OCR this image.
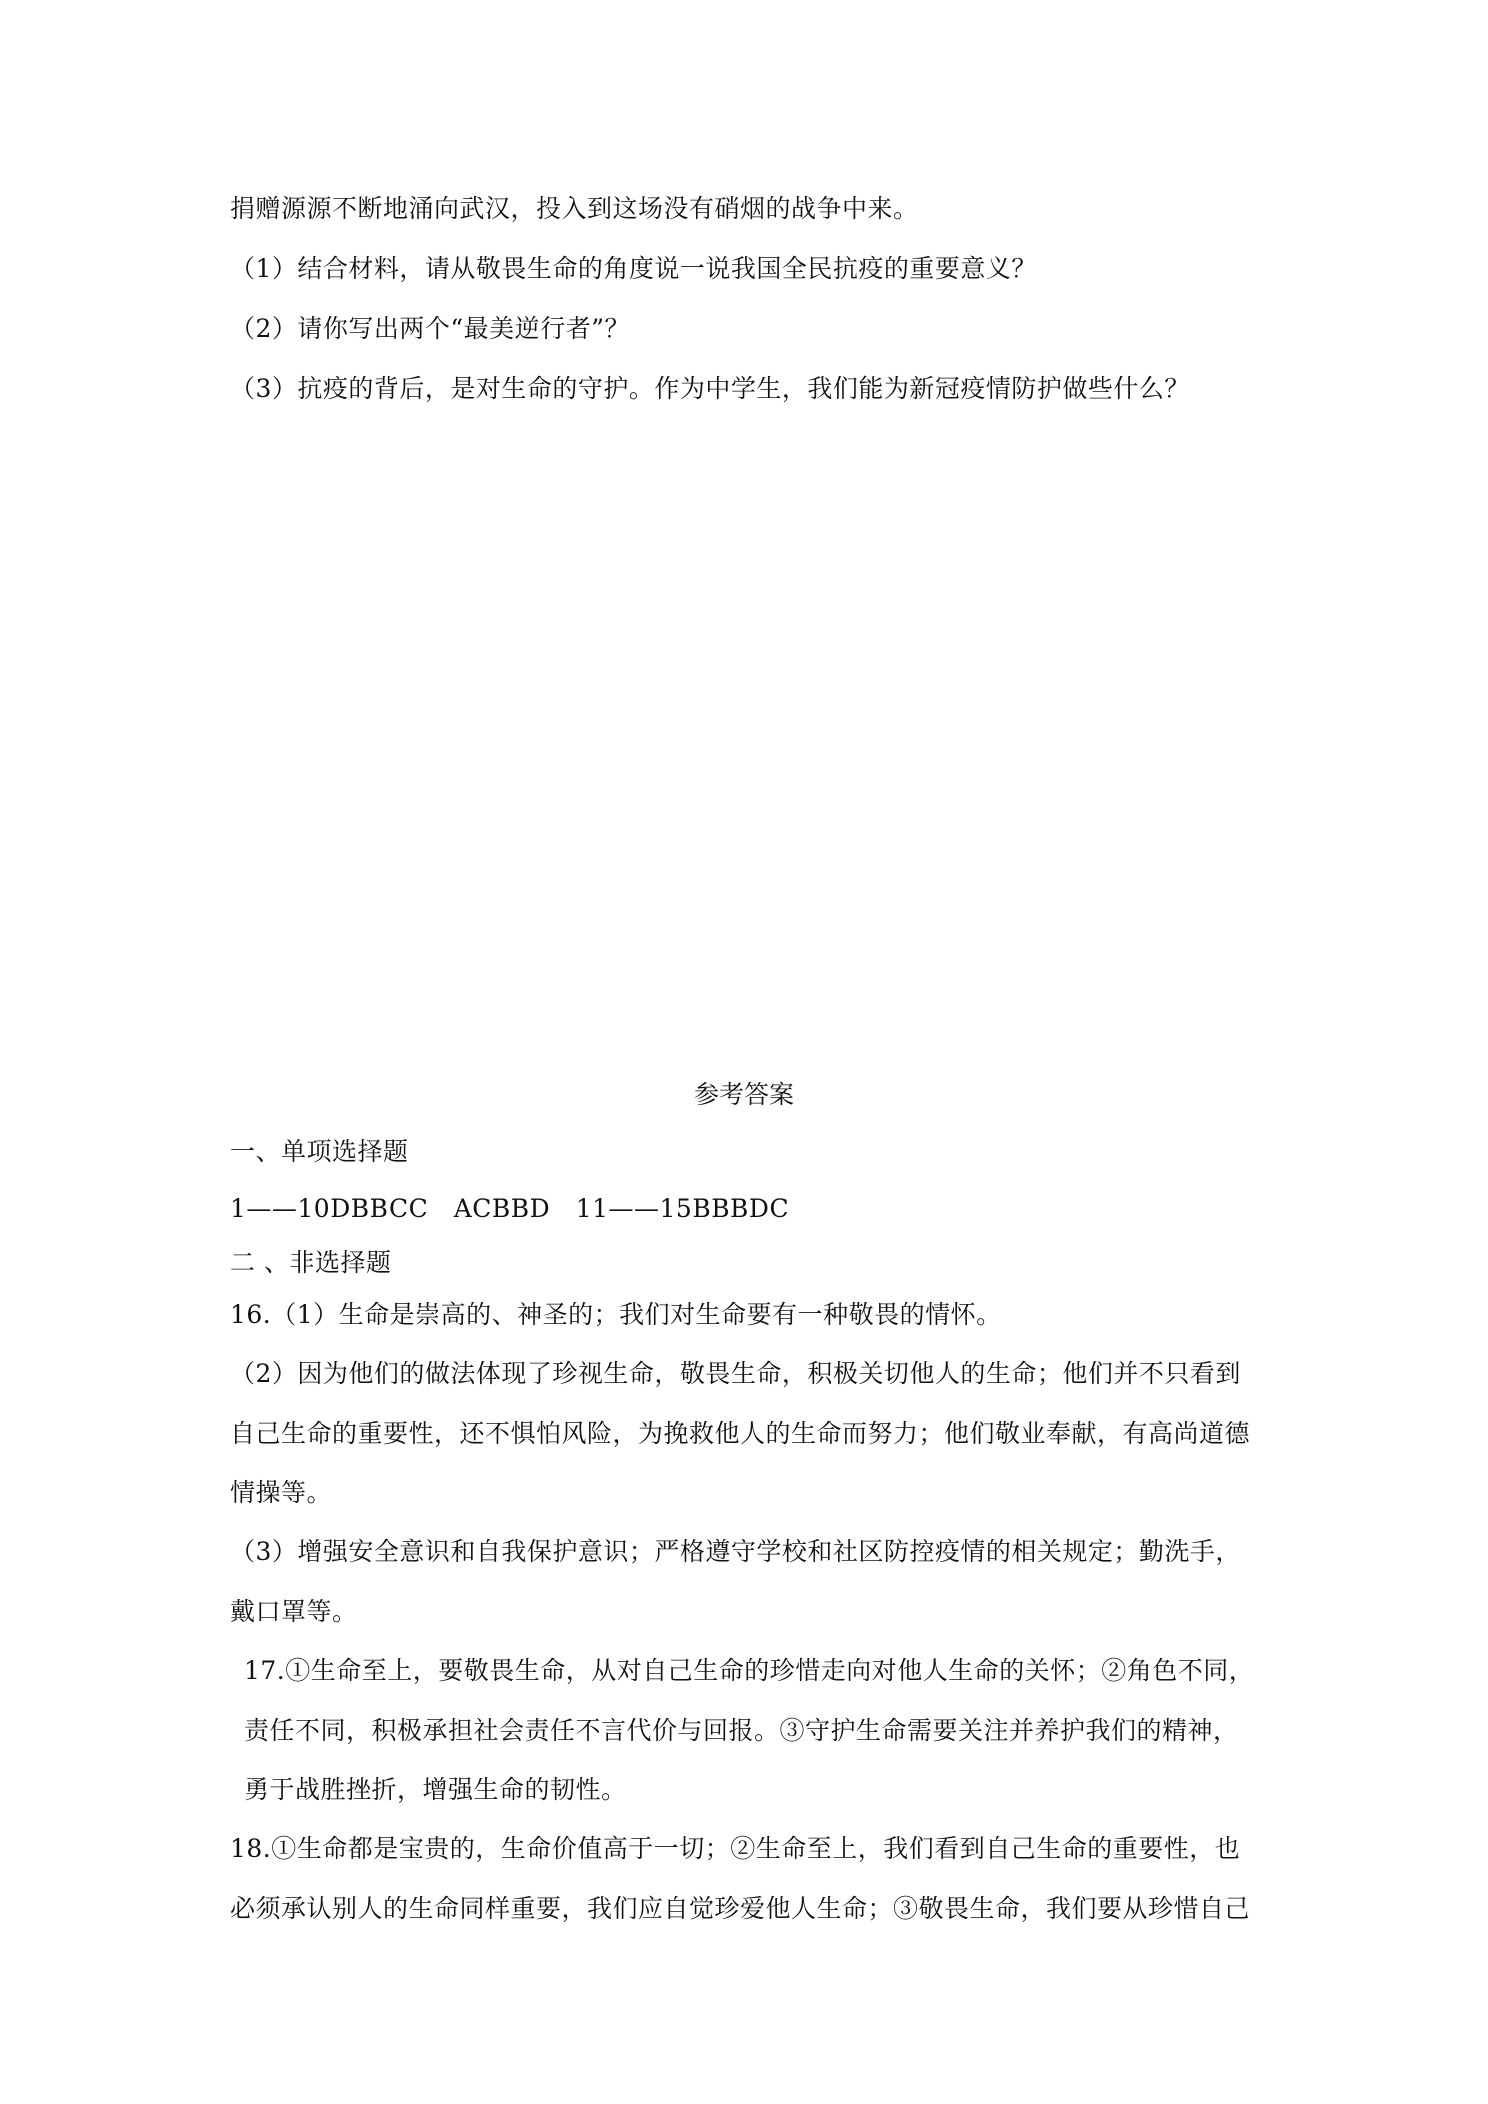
捐赠源源不断地涌向武汉，投入到这场没有硝烟的战争中来。
（1）结合材料，请从敬畏生命的角度说一说我国全民抗疫的重要意义？
（2）请你写出两个“最美逆行者”？
（3）抗疫的背后，是对生命的守护。作为中学生，我们能为新冠疫情防护做些什么？
参考答案
一、单项选择题
1——10DBBCC　ACBBD　11——15BBBDC
二 、非选择题
16.（1）生命是崇高的、神圣的；我们对生命要有一种敬畏的情怀。
（2）因为他们的做法体现了珍视生命，敬畏生命，积极关切他人的生命；他们并不只看到
自己生命的重要性，还不惧怕风险，为挽救他人的生命而努力；他们敬业奉献，有高尚道德
情操等。
（3）增强安全意识和自我保护意识；严格遵守学校和社区防控疫情的相关规定；勤洗手，
戴口罩等。
17.①生命至上，要敬畏生命，从对自己生命的珍惜走向对他人生命的关怀；②角色不同，
责任不同，积极承担社会责任不言代价与回报。③守护生命需要关注并养护我们的精神，
勇于战胜挫折，增强生命的韧性。
18.①生命都是宝贵的，生命价值高于一切；②生命至上，我们看到自己生命的重要性，也
必须承认别人的生命同样重要，我们应自觉珍爱他人生命；③敬畏生命，我们要从珍惜自己
